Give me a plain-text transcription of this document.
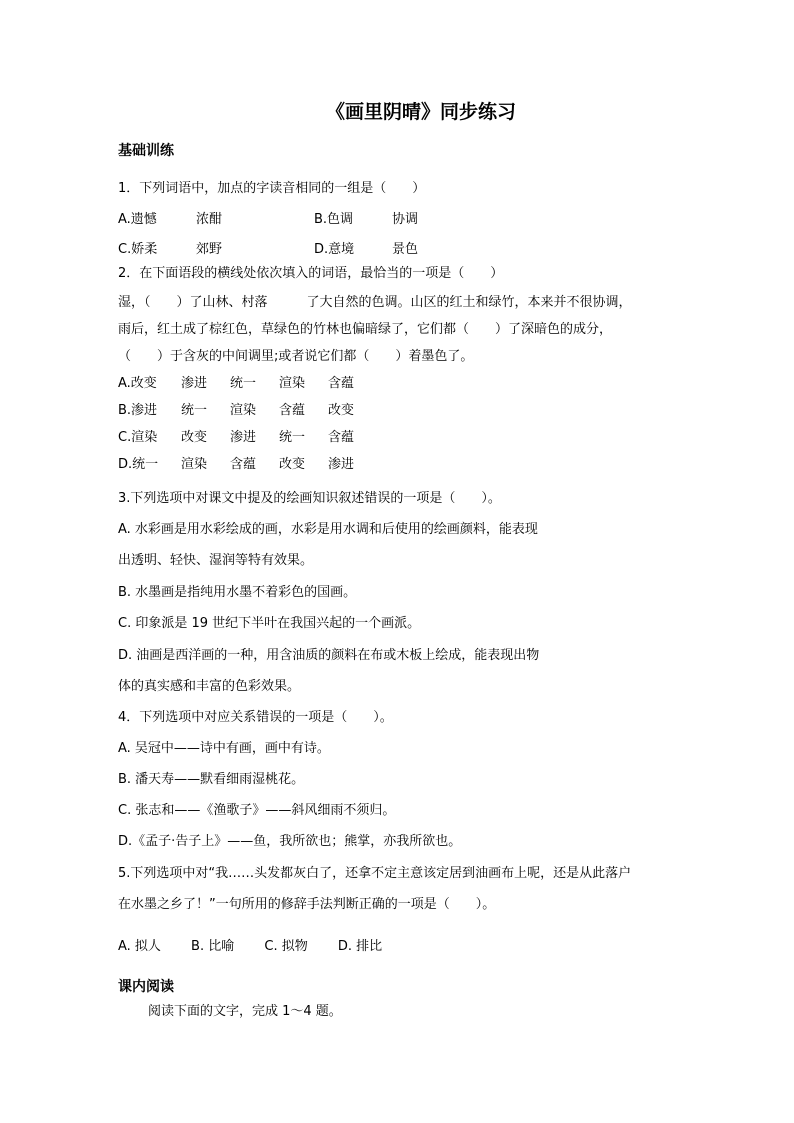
《画里阴晴》同步练习
基础训练
1．下列词语中，加点的字读音相同的一组是（　　）
A.遗憾	浓酣	B.色调	协调
C.娇柔	郊野	D.意境	景色
2．在下面语段的横线处依次填入的词语，最恰当的一项是（　　）
湿，（　　）了山林、村落　　　了大自然的色调。山区的红土和绿竹，本来并不很协调，
雨后，红土成了棕红色，草绿色的竹林也偏暗绿了，它们都（　　）了深暗色的成分，
（　　）于含灰的中间调里;或者说它们都（　　）着墨色了。
A.改变	渗进	统一	渲染	含蕴
B.渗进	统一	渲染	含蕴	改变
C.渲染	改变	渗进	统一	含蕴
D.统一	渲染	含蕴	改变	渗进
3.下列选项中对课文中提及的绘画知识叙述错误的一项是（　　）。
A. 水彩画是用水彩绘成的画，水彩是用水调和后使用的绘画颜料，能表现
出透明、轻快、湿润等特有效果。
B. 水墨画是指纯用水墨不着彩色的国画。
C. 印象派是 19 世纪下半叶在我国兴起的一个画派。
D. 油画是西洋画的一种，用含油质的颜料在布或木板上绘成，能表现出物
体的真实感和丰富的色彩效果。
4．下列选项中对应关系错误的一项是（　　）。
A. 吴冠中——诗中有画，画中有诗。
B. 潘天寿——默看细雨湿桃花。
C. 张志和——《渔歌子》——斜风细雨不须归。
D.《孟子·告子上》——鱼，我所欲也；熊掌，亦我所欲也。
5.下列选项中对“我……头发都灰白了，还拿不定主意该定居到油画布上呢，还是从此落户
在水墨之乡了！”一句所用的修辞手法判断正确的一项是（　　）。
A. 拟人　　 B. 比喻　　 C. 拟物　　 D. 排比
课内阅读
阅读下面的文字，完成 1～4 题。
